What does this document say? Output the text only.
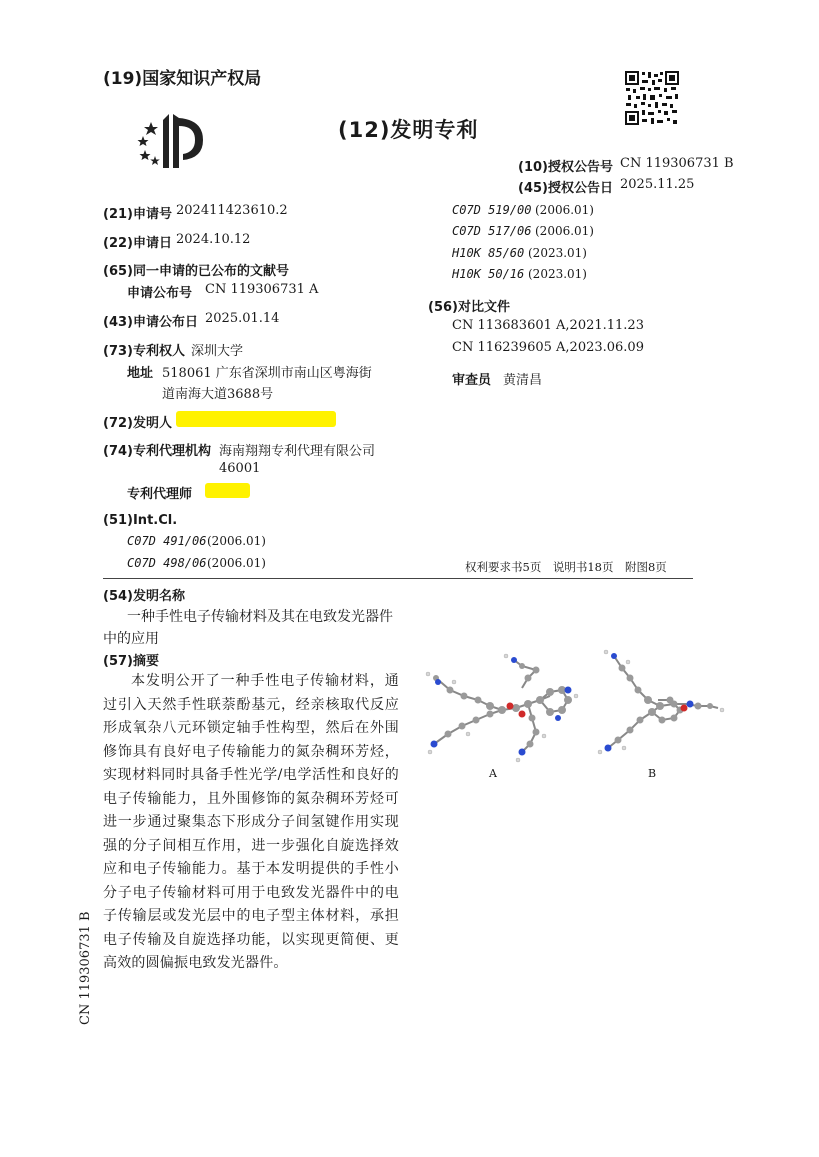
(19)国家知识产权局
(12)发明专利
(10)授权公告号 CN 119306731 B
(45)授权公告日 2025.11.25
(21)申请号 202411423610.2
(22)申请日 2024.10.12
(65)同一申请的已公布的文献号
申请公布号 CN 119306731 A
(43)申请公布日 2025.01.14
(73)专利权人 深圳大学
地址 518061 广东省深圳市南山区粤海街
道南海大道3688号
(72)发明人
(74)专利代理机构 海南翔翔专利代理有限公司
46001
专利代理师
(51)Int.Cl.
C07D 491/06 (2006.01)
C07D 498/06 (2006.01)
C07D 519/00 (2006.01)
C07D 517/06 (2006.01)
H10K 85/60 (2023.01)
H10K 50/16 (2023.01)
(56)对比文件
CN 113683601 A,2021.11.23
CN 116239605 A,2023.06.09
审查员 黄清昌
权利要求书5页　说明书18页　附图8页
(54)发明名称
一种手性电子传输材料及其在电致发光器件中的应用
(57)摘要
本发明公开了一种手性电子传输材料，通过引入天然手性联萘酚基元，经亲核取代反应形成氧杂八元环锁定轴手性构型，然后在外围修饰具有良好电子传输能力的氮杂稠环芳烃，实现材料同时具备手性光学/电学活性和良好的电子传输能力，且外围修饰的氮杂稠环芳烃可进一步通过聚集态下形成分子间氢键作用实现强的分子间相互作用，进一步强化自旋选择效应和电子传输能力。基于本发明提供的手性小分子电子传输材料可用于电致发光器件中的电子传输层或发光层中的电子型主体材料，承担电子传输及自旋选择功能，以实现更简便、更高效的圆偏振电致发光器件。
A	B
CN 119306731 B
